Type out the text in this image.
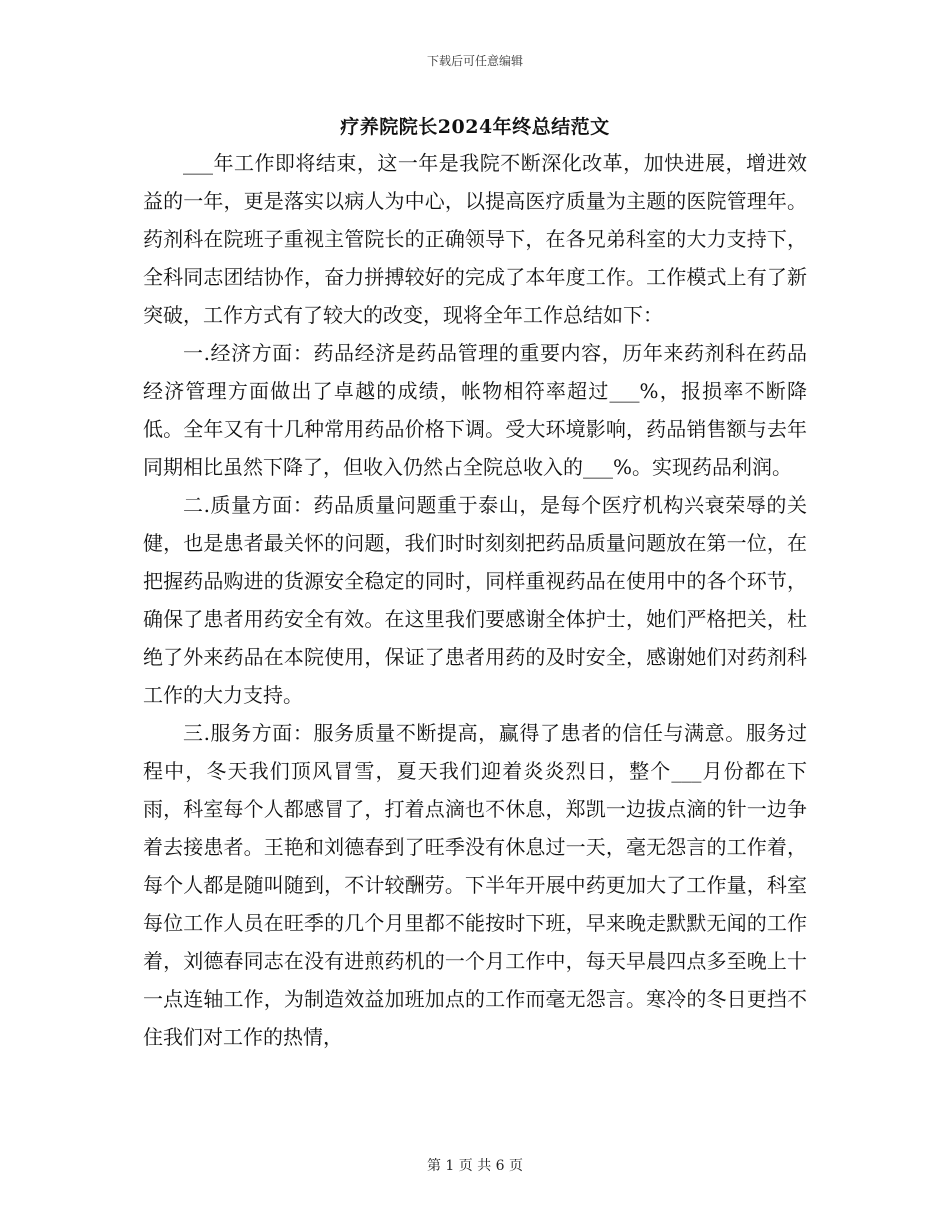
下载后可任意编辑
疗养院院长2024年终总结范文

___年工作即将结束，这一年是我院不断深化改革，加快进展，增进效益的一年，更是落实以病人为中心，以提高医疗质量为主题的医院管理年。药剂科在院班子重视主管院长的正确领导下，在各兄弟科室的大力支持下，全科同志团结协作，奋力拼搏较好的完成了本年度工作。工作模式上有了新突破，工作方式有了较大的改变，现将全年工作总结如下：

一.经济方面：药品经济是药品管理的重要内容，历年来药剂科在药品经济管理方面做出了卓越的成绩，帐物相符率超过___%，报损率不断降低。全年又有十几种常用药品价格下调。受大环境影响，药品销售额与去年同期相比虽然下降了，但收入仍然占全院总收入的___%。实现药品利润。

二.质量方面：药品质量问题重于泰山，是每个医疗机构兴衰荣辱的关健，也是患者最关怀的问题，我们时时刻刻把药品质量问题放在第一位，在把握药品购进的货源安全稳定的同时，同样重视药品在使用中的各个环节，确保了患者用药安全有效。在这里我们要感谢全体护士，她们严格把关，杜绝了外来药品在本院使用，保证了患者用药的及时安全，感谢她们对药剂科工作的大力支持。

三.服务方面：服务质量不断提高，赢得了患者的信任与满意。服务过程中，冬天我们顶风冒雪，夏天我们迎着炎炎烈日，整个___月份都在下雨，科室每个人都感冒了，打着点滴也不休息，郑凯一边拔点滴的针一边争着去接患者。王艳和刘德春到了旺季没有休息过一天，毫无怨言的工作着，每个人都是随叫随到，不计较酬劳。下半年开展中药更加大了工作量，科室每位工作人员在旺季的几个月里都不能按时下班，早来晚走默默无闻的工作着，刘德春同志在没有进煎药机的一个月工作中，每天早晨四点多至晚上十一点连轴工作，为制造效益加班加点的工作而毫无怨言。寒冷的冬日更挡不住我们对工作的热情，

第 1 页 共 6 页
